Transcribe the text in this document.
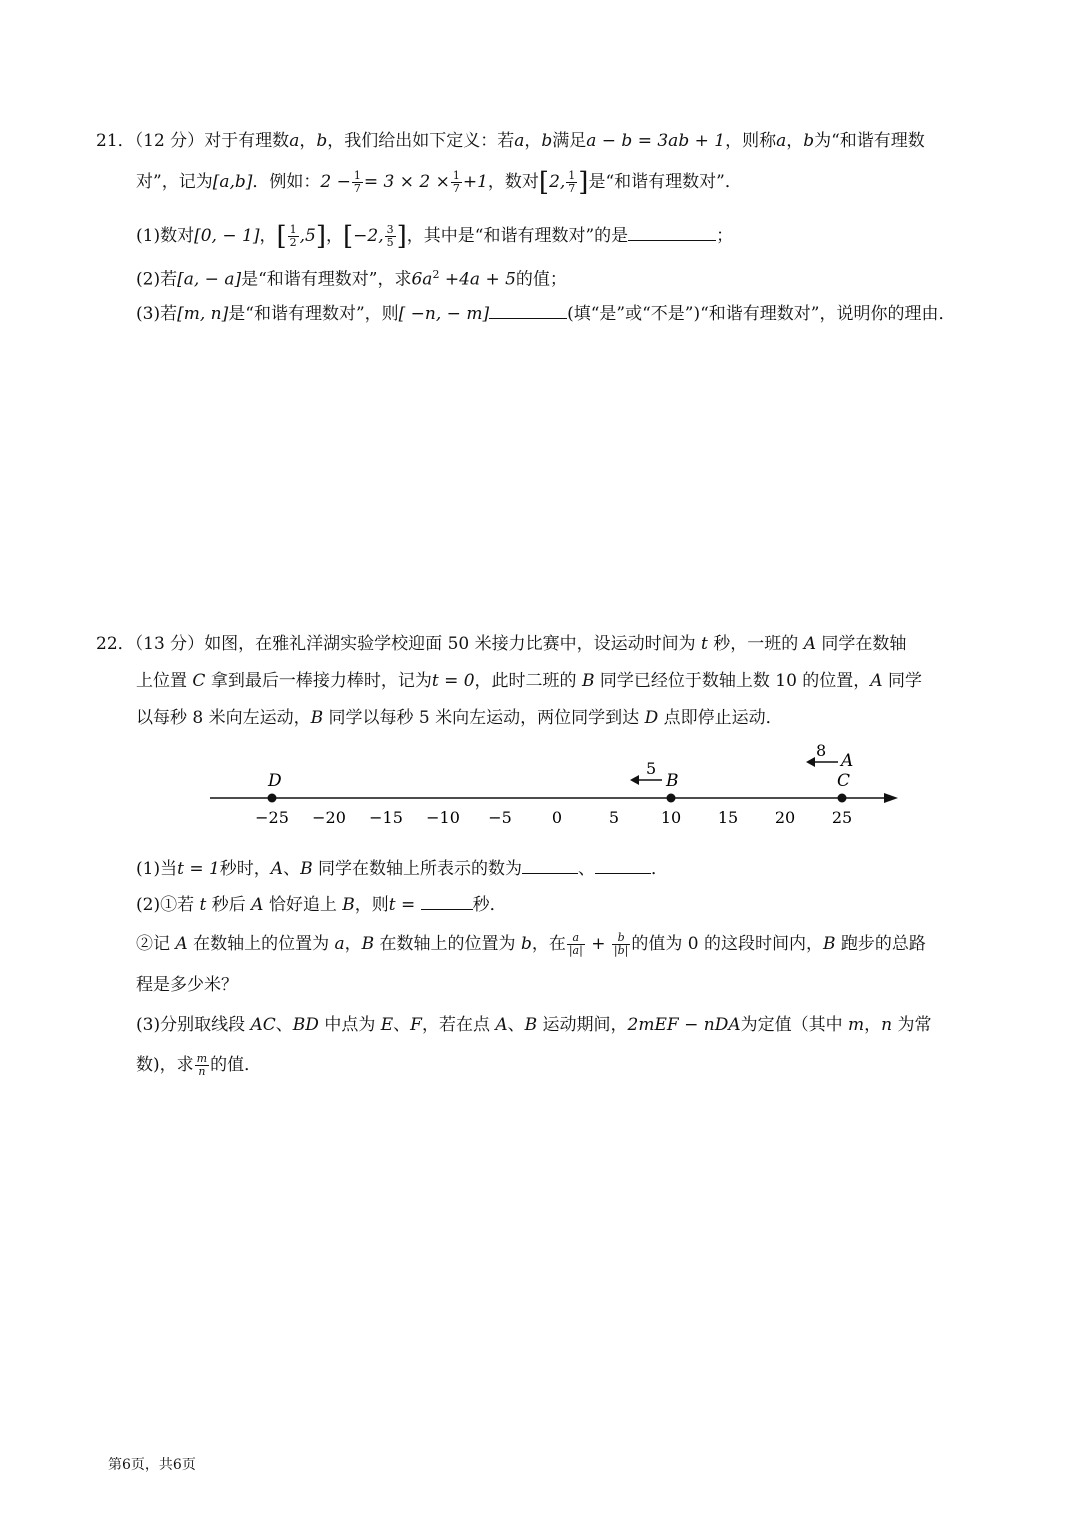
21．（12 分）对于有理数a，b，我们给出如下定义：若a，b满足a − b = 3ab + 1，则称a，b为“和谐有理数
对”，记为[a,b]．例如：$2 - \frac{1}{7} = 3 \times 2 \times \frac{1}{7} +1$，数对[2, $\frac{1}{7}$ ]是“和谐有理数对”．
(1)数对[0, − 1]，[ $\frac{1}{2} ,5$]，[−2, $\frac{3}{5}$ ]，其中是“和谐有理数对”的是	；
(2)若[a, − a]是“和谐有理数对”，求$6a^2 +4a + 5$的值；
(3)若[m, n]是“和谐有理数对”，则[ −n, − m]	(填“是”或“不是”)“和谐有理数对”，说明你的理由．
22．（13 分）如图，在雅礼洋湖实验学校迎面 50 米接力比赛中，设运动时间为 t 秒，一班的 A 同学在数轴
上位置 C 拿到最后一棒接力棒时，记为t = 0，此时二班的 B 同学已经位于数轴上数 10 的位置，A 同学
以每秒 8 米向左运动，B 同学以每秒 5 米向左运动，两位同学到达 D 点即停止运动．
−25 −20 −15 −10 −5	0	5	10 15 20 25
D	B	C
A
5
8
(1)当t = 1秒时，A、B 同学在数轴上所表示的数为	、	．
(2)①若 t 秒后 A 恰好追上 B，则t =	秒．
②记 A 在数轴上的位置为 a，B 在数轴上的位置为 b，在 $\frac{a}{|a|} + \frac{b}{|b|}$ 的值为 0 的这段时间内，B 跑步的总路
程是多少米？
(3)分别取线段 AC、BD 中点为 E、F，若在点 A、B 运动期间，2mEF − nDA为定值（其中 m，n 为常
数)，求 $\frac{m}{n}$ 的值．
第6页，共6页
